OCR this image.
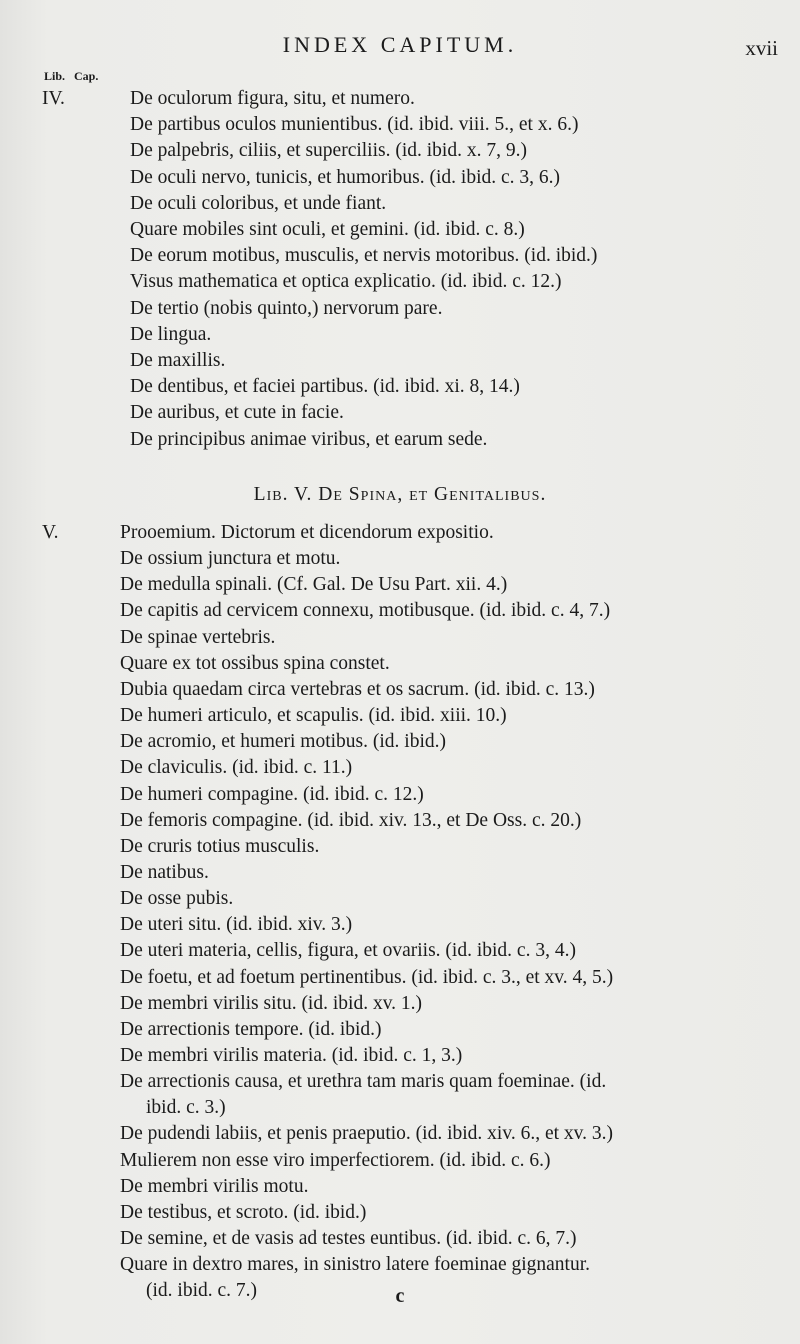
INDEX CAPITUM.	xvii
Lib. Cap.
IV.	De oculorum figura, situ, et numero.
De partibus oculos munientibus. (id. ibid. viii. 5., et x. 6.)
De palpebris, ciliis, et superciliis. (id. ibid. x. 7, 9.)
De oculi nervo, tunicis, et humoribus. (id. ibid. c. 3, 6.)
De oculi coloribus, et unde fiant.
Quare mobiles sint oculi, et gemini. (id. ibid. c. 8.)
De eorum motibus, musculis, et nervis motoribus. (id. ibid.)
Visus mathematica et optica explicatio. (id. ibid. c. 12.)
De tertio (nobis quinto,) nervorum pare.
De lingua.
De maxillis.
De dentibus, et faciei partibus. (id. ibid. xi. 8, 14.)
De auribus, et cute in facie.
De principibus animae viribus, et earum sede.
Lib. V. De Spina, et Genitalibus.
V.	Prooemium. Dictorum et dicendorum expositio.
De ossium junctura et motu.
De medulla spinali. (Cf. Gal. De Usu Part. xii. 4.)
De capitis ad cervicem connexu, motibusque. (id. ibid. c. 4, 7.)
De spinae vertebris.
Quare ex tot ossibus spina constet.
Dubia quaedam circa vertebras et os sacrum. (id. ibid. c. 13.)
De humeri articulo, et scapulis. (id. ibid. xiii. 10.)
De acromio, et humeri motibus. (id. ibid.)
De claviculis. (id. ibid. c. 11.)
De humeri compagine. (id. ibid. c. 12.)
De femoris compagine. (id. ibid. xiv. 13., et De Oss. c. 20.)
De cruris totius musculis.
De natibus.
De osse pubis.
De uteri situ. (id. ibid. xiv. 3.)
De uteri materia, cellis, figura, et ovariis. (id. ibid. c. 3, 4.)
De foetu, et ad foetum pertinentibus. (id. ibid. c. 3., et xv. 4, 5.)
De membri virilis situ. (id. ibid. xv. 1.)
De arrectionis tempore. (id. ibid.)
De membri virilis materia. (id. ibid. c. 1, 3.)
De arrectionis causa, et urethra tam maris quam foeminae. (id.
ibid. c. 3.)
De pudendi labiis, et penis praeputio. (id. ibid. xiv. 6., et xv. 3.)
Mulierem non esse viro imperfectiorem. (id. ibid. c. 6.)
De membri virilis motu.
De testibus, et scroto. (id. ibid.)
De semine, et de vasis ad testes euntibus. (id. ibid. c. 6, 7.)
Quare in dextro mares, in sinistro latere foeminae gignantur.
(id. ibid. c. 7.)	c
